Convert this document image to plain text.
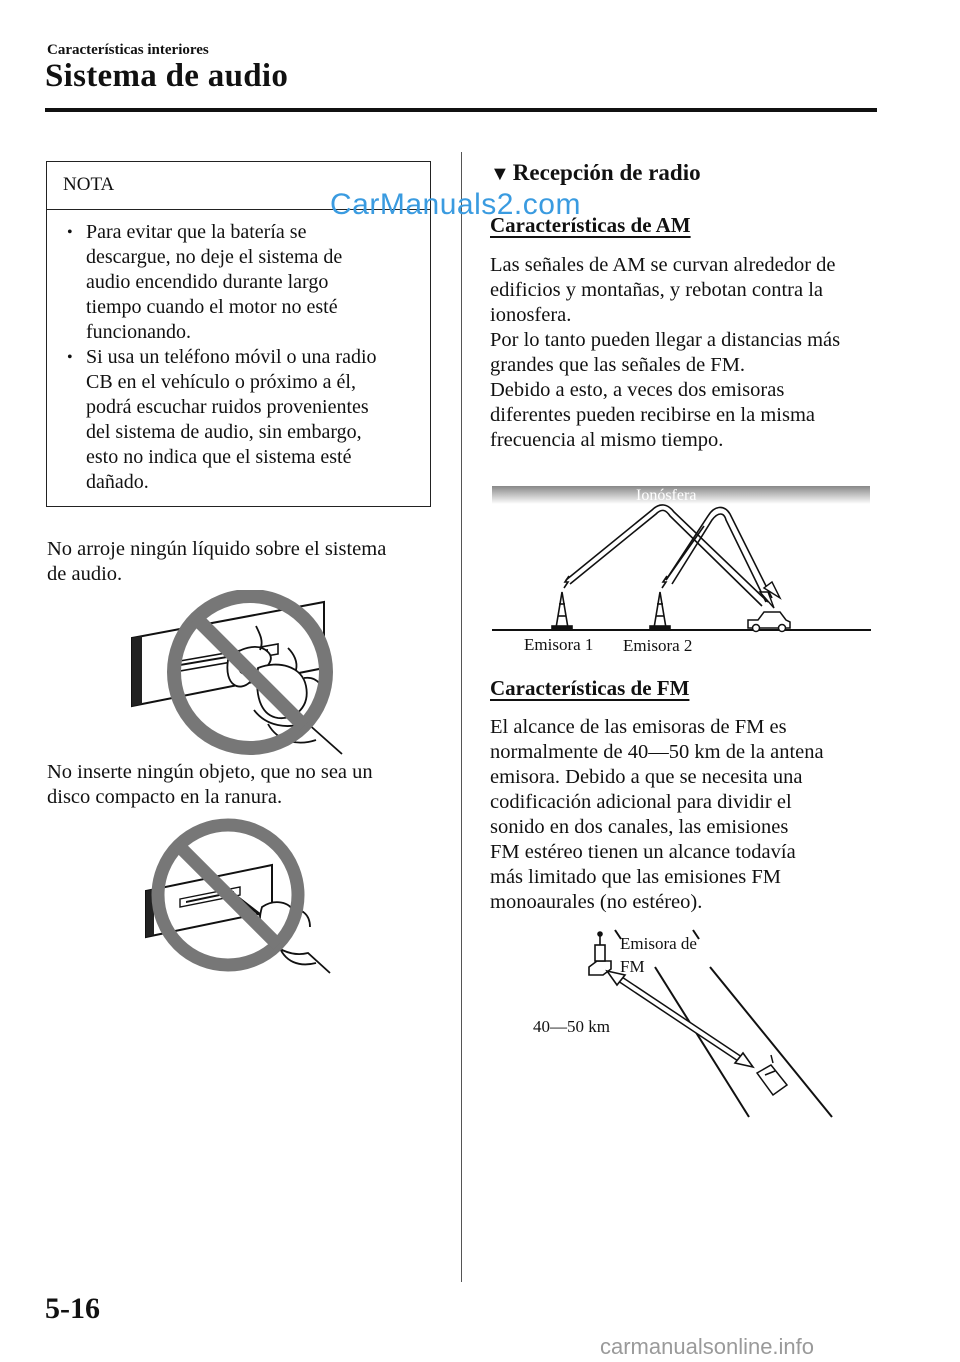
Características interiores
Sistema de audio
NOTA
• Para evitar que la batería se
descargue, no deje el sistema de
audio encendido durante largo
tiempo cuando el motor no esté
funcionando.
• Si usa un teléfono móvil o una radio
CB en el vehículo o próximo a él,
podrá escuchar ruidos provenientes
del sistema de audio, sin embargo,
esto no indica que el sistema esté
dañado.
CarManuals2.com
No arroje ningún líquido sobre el sistema
de audio.
No inserte ningún objeto, que no sea un
disco compacto en la ranura.
▼ Recepción de radio
Características de AM
Las señales de AM se curvan alrededor de
edificios y montañas, y rebotan contra la
ionosfera.
Por lo tanto pueden llegar a distancias más
grandes que las señales de FM.
Debido a esto, a veces dos emisoras
diferentes pueden recibirse en la misma
frecuencia al mismo tiempo.
Ionósfera
Emisora 1 Emisora 2
Características de FM
El alcance de las emisoras de FM es
normalmente de 40—50 km de la antena
emisora. Debido a que se necesita una
codificación adicional para dividir el
sonido en dos canales, las emisiones
FM estéreo tienen un alcance todavía
más limitado que las emisiones FM
monoaurales (no estéreo).
Emisora de
FM
40—50 km
5-16
carmanualsonline.info
